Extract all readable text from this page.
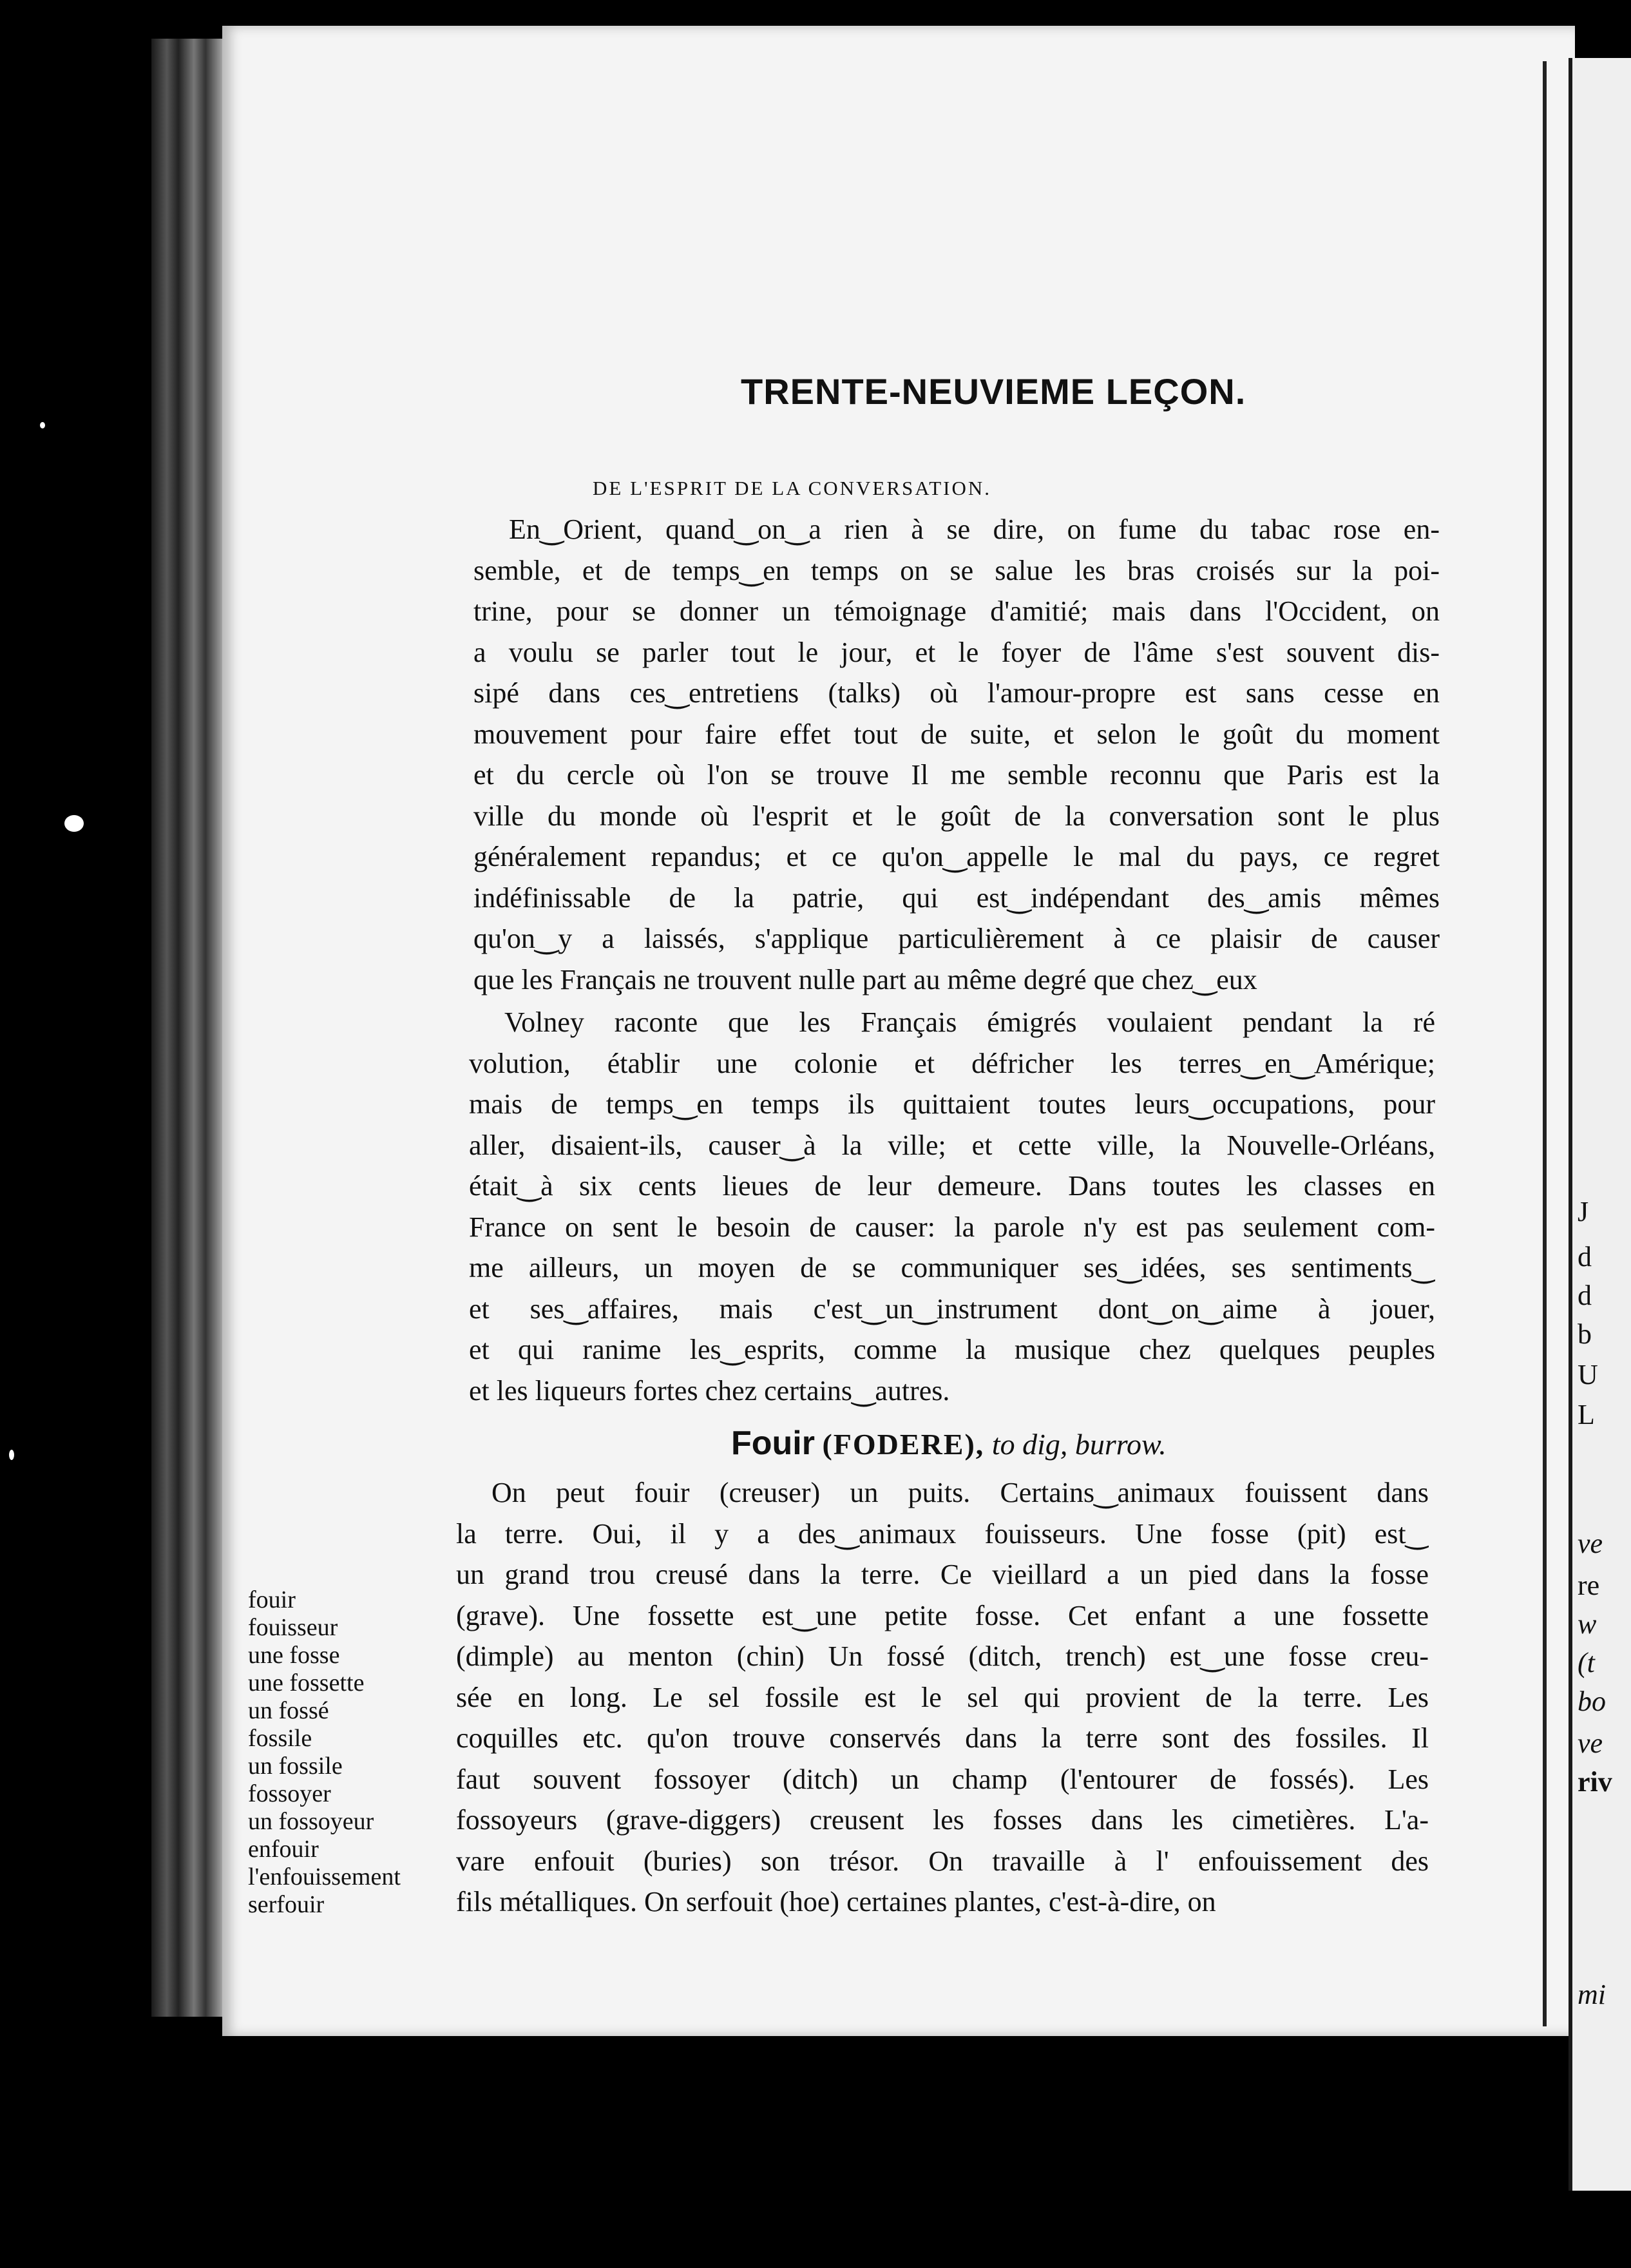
J
d
d
b
U
L
ve
re
w
(t
bo
ve
riv
mi
TRENTE-NEUVIEME LEÇON.
DE L'ESPRIT DE LA CONVERSATION.
En‿Orient, quand‿on‿a rien à se dire, on fume du tabac rose en-
semble, et de temps‿en temps on se salue les bras croisés sur la poi-
trine, pour se donner un témoignage d'amitié; mais dans l'Occident, on
a voulu se parler tout le jour, et le foyer de l'âme s'est souvent dis-
sipé dans ces‿entretiens (talks) où l'amour-propre est sans cesse en
mouvement pour faire effet tout de suite, et selon le goût du moment
et du cercle où l'on se trouve Il me semble reconnu que Paris est la
ville du monde où l'esprit et le goût de la conversation sont le plus
généralement repandus; et ce qu'on‿appelle le mal du pays, ce regret
indéfinissable de la patrie, qui est‿indépendant des‿amis mêmes
qu'on‿y a laissés, s'applique particulièrement à ce plaisir de causer
que les Français ne trouvent nulle part au même degré que chez‿eux
Volney raconte que les Français émigrés voulaient pendant la ré
volution, établir une colonie et défricher les terres‿en‿Amérique;
mais de temps‿en temps ils quittaient toutes leurs‿occupations, pour
aller, disaient-ils, causer‿à la ville; et cette ville, la Nouvelle-Orléans,
était‿à six cents lieues de leur demeure. Dans toutes les classes en
France on sent le besoin de causer: la parole n'y est pas seulement com-
me ailleurs, un moyen de se communiquer ses‿idées, ses sentiments‿
et ses‿affaires, mais c'est‿un‿instrument dont‿on‿aime à jouer,
et qui ranime les‿esprits, comme la musique chez quelques peuples
et les liqueurs fortes chez certains‿autres.
Fouir (FODERE), to dig, burrow.
On peut fouir (creuser) un puits. Certains‿animaux fouissent dans
la terre. Oui, il y a des‿animaux fouisseurs. Une fosse (pit) est‿
un grand trou creusé dans la terre. Ce vieillard a un pied dans la fosse
(grave). Une fossette est‿une petite fosse. Cet enfant a une fossette
(dimple) au menton (chin) Un fossé (ditch, trench) est‿une fosse creu-
sée en long. Le sel fossile est le sel qui provient de la terre. Les
coquilles etc. qu'on trouve conservés dans la terre sont des fossiles. Il
faut souvent fossoyer (ditch) un champ (l'entourer de fossés). Les
fossoyeurs (grave-diggers) creusent les fosses dans les cimetières. L'a-
vare enfouit (buries) son trésor. On travaille à l' enfouissement des
fils métalliques. On serfouit (hoe) certaines plantes, c'est-à-dire, on
fouir
fouisseur
une fosse
une fossette
un fossé
fossile
un fossile
fossoyer
un fossoyeur
enfouir
l'enfouissement
serfouir
